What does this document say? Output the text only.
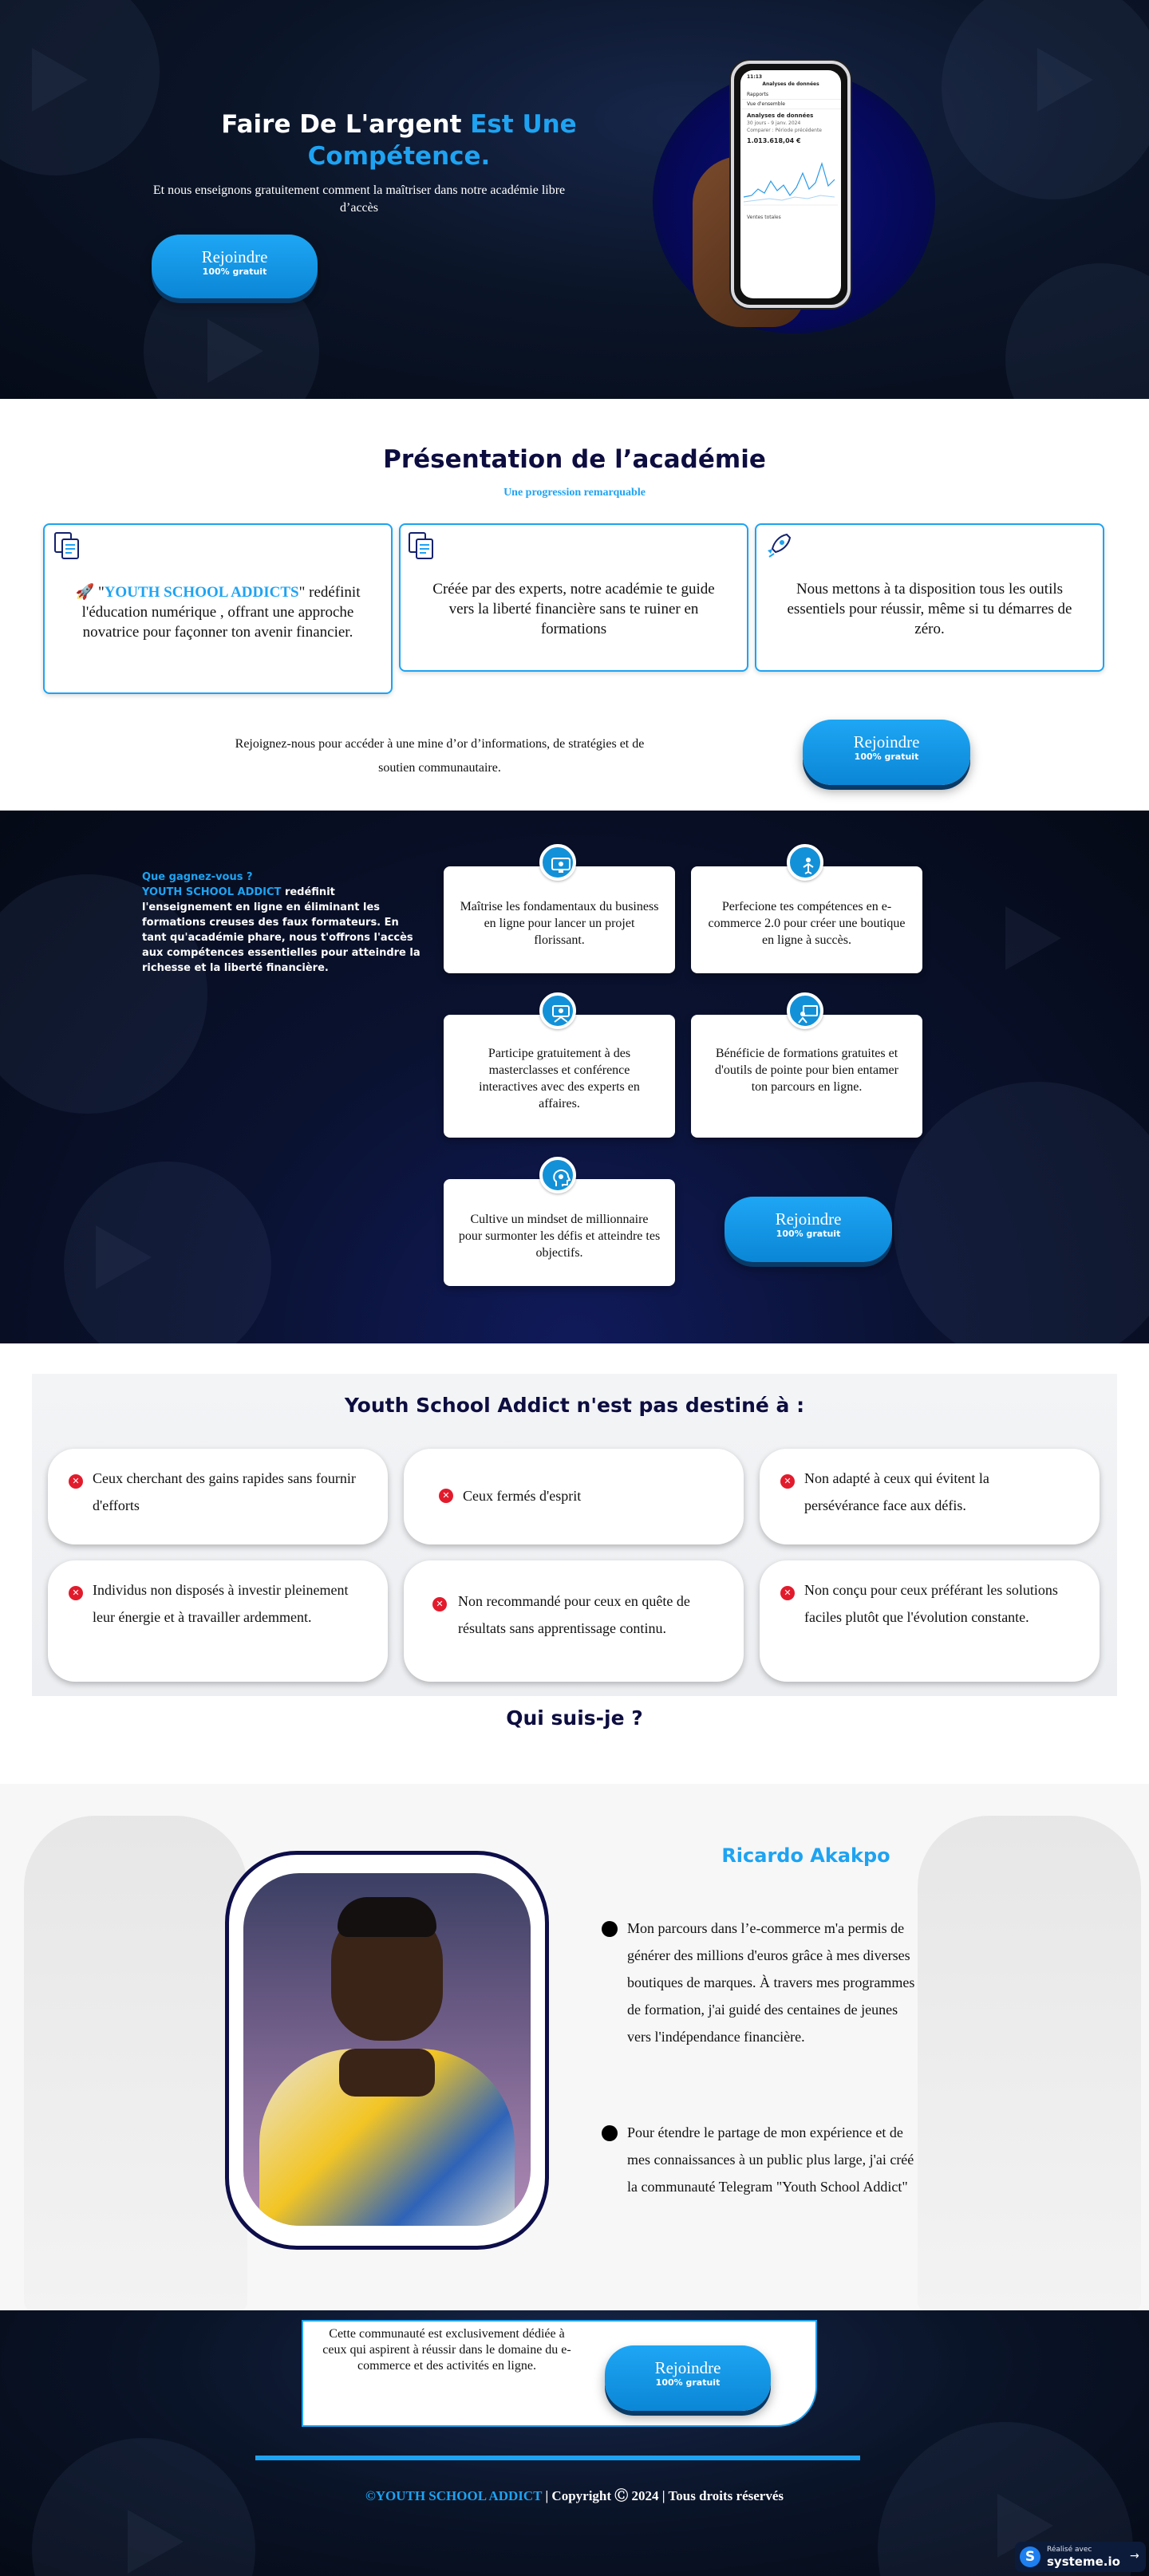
Faire De L'argent Est Une
Compétence.
Et nous enseignons gratuitement comment la maîtriser dans notre académie libre d’accès
Rejoindre
100% gratuit
11:13
Analyses de données
Rapports
Vue d'ensemble
Analyses de données
30 jours - 9 janv. 2024
Comparer : Période précédente
1.013.618,04 €
Ventes totales
Présentation de l’académie
Une progression remarquable
🚀 "YOUTH SCHOOL ADDICTS" redéfinit l'éducation numérique , offrant une approche novatrice pour façonner ton avenir financier.
Créée par des experts, notre académie te guide vers la liberté financière sans te ruiner en formations
Nous mettons à ta disposition tous les outils essentiels pour réussir, même si tu démarres de zéro.
Rejoignez-nous pour accéder à une mine d’or d’informations, de stratégies et de soutien communautaire.
Rejoindre
100% gratuit
Que gagnez-vous ?
YOUTH SCHOOL ADDICT redéfinit l'enseignement en ligne en éliminant les formations creuses des faux formateurs. En tant qu'académie phare, nous t'offrons l'accès aux compétences essentielles pour atteindre la richesse et la liberté financière.
Maîtrise les fondamentaux du business en ligne pour lancer un projet florissant.
Perfecione tes compétences en e-commerce 2.0 pour créer une boutique en ligne à succès.
Participe gratuitement à des masterclasses et conférence interactives avec des experts en affaires.
Bénéficie de formations gratuites et d'outils de pointe pour bien entamer ton parcours en ligne.
Cultive un mindset de millionnaire pour surmonter les défis et atteindre tes objectifs.
Rejoindre
100% gratuit
Youth School Addict n'est pas destiné à :
✕ Ceux cherchant des gains rapides sans fournir d'efforts
✕ Ceux fermés d'esprit
✕ Non adapté à ceux qui évitent la persévérance face aux défis.
✕ Individus non disposés à investir pleinement leur énergie et à travailler ardemment.
✕ Non recommandé pour ceux en quête de résultats sans apprentissage continu.
✕ Non conçu pour ceux préférant les solutions faciles plutôt que l'évolution constante.
Qui suis-je ?
Ricardo Akakpo
Mon parcours dans l’e-commerce m'a permis de générer des millions d'euros grâce à mes diverses boutiques de marques. À travers mes programmes de formation, j'ai guidé des centaines de jeunes vers l'indépendance financière.
Pour étendre le partage de mon expérience et de mes connaissances à un public plus large, j'ai créé la communauté Telegram "Youth School Addict"
Cette communauté est exclusivement dédiée à ceux qui aspirent à réussir dans le domaine du e-commerce et des activités en ligne.	Rejoindre
100% gratuit
©YOUTH SCHOOL ADDICT | Copyright Ⓒ 2024 | Tous droits réservés
S	Réalisé avec
systeme.io →
